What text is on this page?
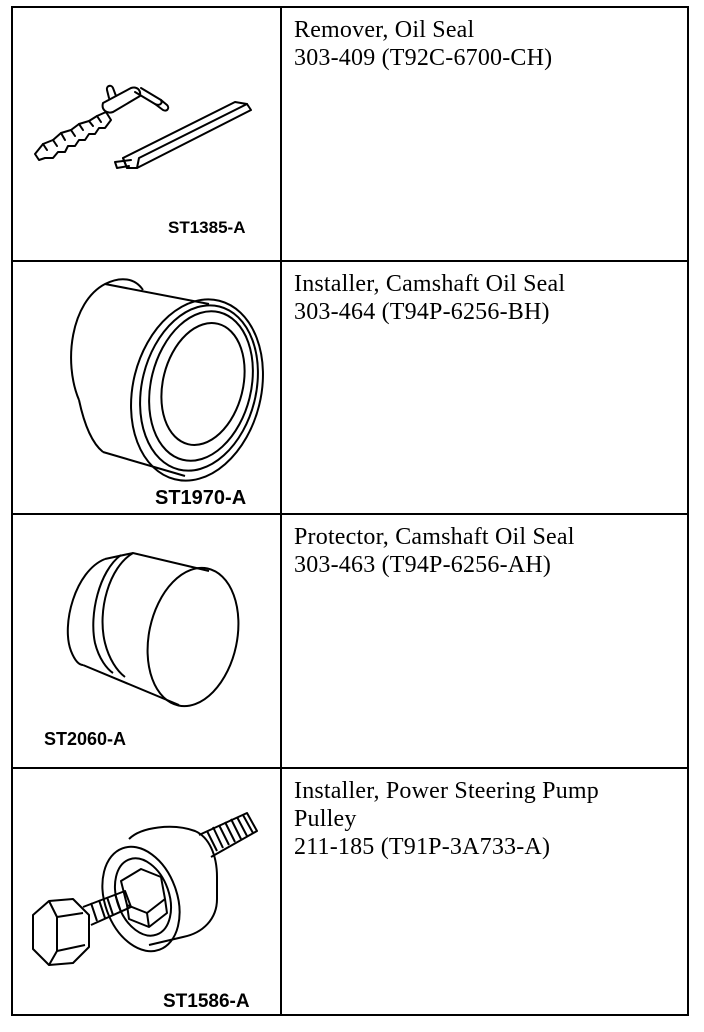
ST1385-A
Remover, Oil Seal
303-409 (T92C-6700-CH)
ST1970-A
Installer, Camshaft Oil Seal
303-464 (T94P-6256-BH)
ST2060-A
Protector, Camshaft Oil Seal
303-463 (T94P-6256-AH)
ST1586-A
Installer, Power Steering Pump
Pulley
211-185 (T91P-3A733-A)
